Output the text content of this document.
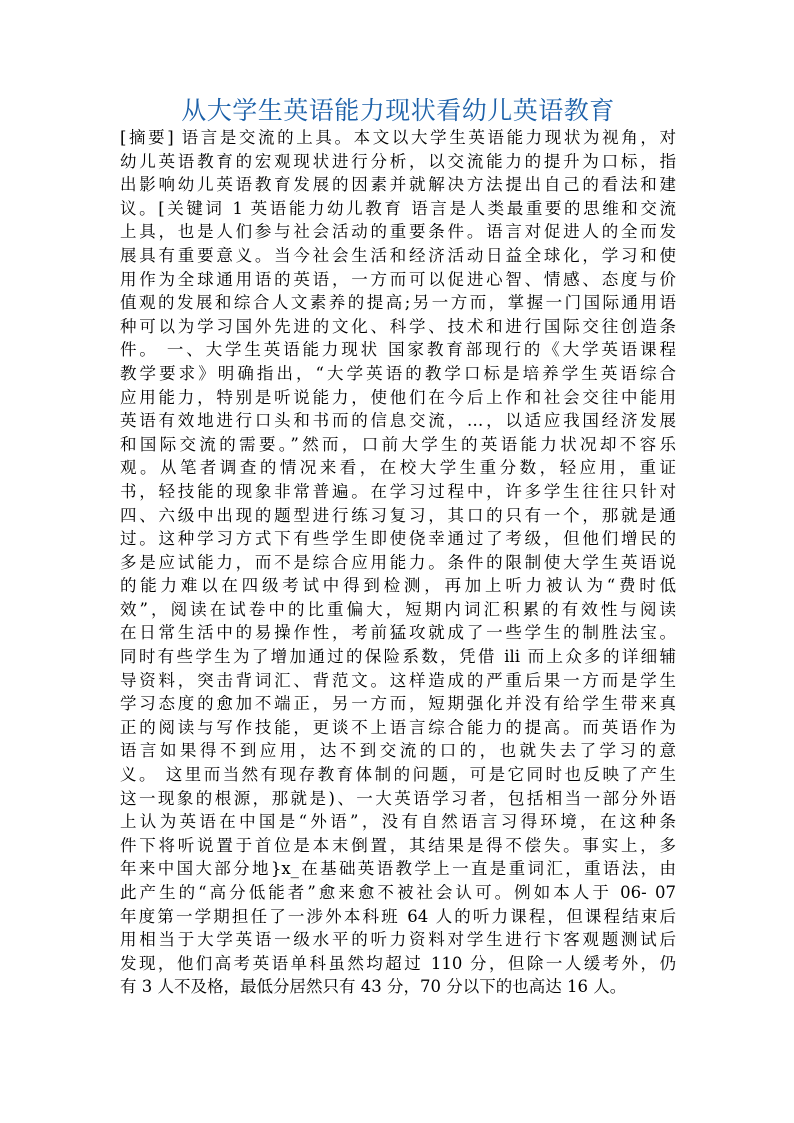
从大学生英语能力现状看幼儿英语教育
[摘要] 语言是交流的上具。本文以大学生英语能力现状为视角，对
幼儿英语教育的宏观现状进行分析，以交流能力的提升为口标，指
出影响幼儿英语教育发展的因素并就解决方法提出自己的看法和建
议。[关键词 1 英语能力幼儿教育 语言是人类最重要的思维和交流
上具，也是人们参与社会活动的重要条件。语言对促进人的全而发
展具有重要意义。当今社会生活和经济活动日益全球化，学习和使
用作为全球通用语的英语，一方而可以促进心智、情感、态度与价
值观的发展和综合人文素养的提高;另一方而，掌握一门国际通用语
种可以为学习国外先进的文化、科学、技术和进行国际交往创造条
件。 一、大学生英语能力现状 国家教育部现行的《大学英语课程
教学要求》明确指出，“大学英语的教学口标是培养学生英语综合
应用能力，特别是听说能力，使他们在今后上作和社会交往中能用
英语有效地进行口头和书而的信息交流，…，以适应我国经济发展
和国际交流的需要。”然而，口前大学生的英语能力状况却不容乐
观。从笔者调查的情况来看，在校大学生重分数，轻应用，重证
书，轻技能的现象非常普遍。在学习过程中，许多学生往往只针对
四、六级中出现的题型进行练习复习，其口的只有一个，那就是通
过。这种学习方式下有些学生即使侥幸通过了考级，但他们增民的
多是应试能力，而不是综合应用能力。条件的限制使大学生英语说
的能力难以在四级考试中得到检测，再加上听力被认为“费时低
效”，阅读在试卷中的比重偏大，短期内词汇积累的有效性与阅读
在日常生活中的易操作性，考前猛攻就成了一些学生的制胜法宝。
同时有些学生为了增加通过的保险系数，凭借 ili 而上众多的详细辅
导资料，突击背词汇、背范文。这样造成的严重后果一方而是学生
学习态度的愈加不端正，另一方而，短期强化并没有给学生带来真
正的阅读与写作技能，更谈不上语言综合能力的提高。而英语作为
语言如果得不到应用，达不到交流的口的，也就失去了学习的意
义。 这里而当然有现存教育体制的问题，可是它同时也反映了产生
这一现象的根源，那就是)、一大英语学习者，包括相当一部分外语
上认为英语在中国是“外语”，没有自然语言习得环境，在这种条
件下将听说置于首位是本末倒置，其结果是得不偿失。事实上，多
年来中国大部分地}x_在基础英语教学上一直是重词汇，重语法，由
此产生的“高分低能者”愈来愈不被社会认可。例如本人于 06- 07
年度第一学期担任了一涉外本科班 64 人的听力课程，但课程结束后
用相当于大学英语一级水平的听力资料对学生进行卞客观题测试后
发现，他们高考英语单科虽然均超过 110 分，但除一人缓考外，仍
有 3 人不及格，最低分居然只有 43 分，70 分以下的也高达 16 人。
